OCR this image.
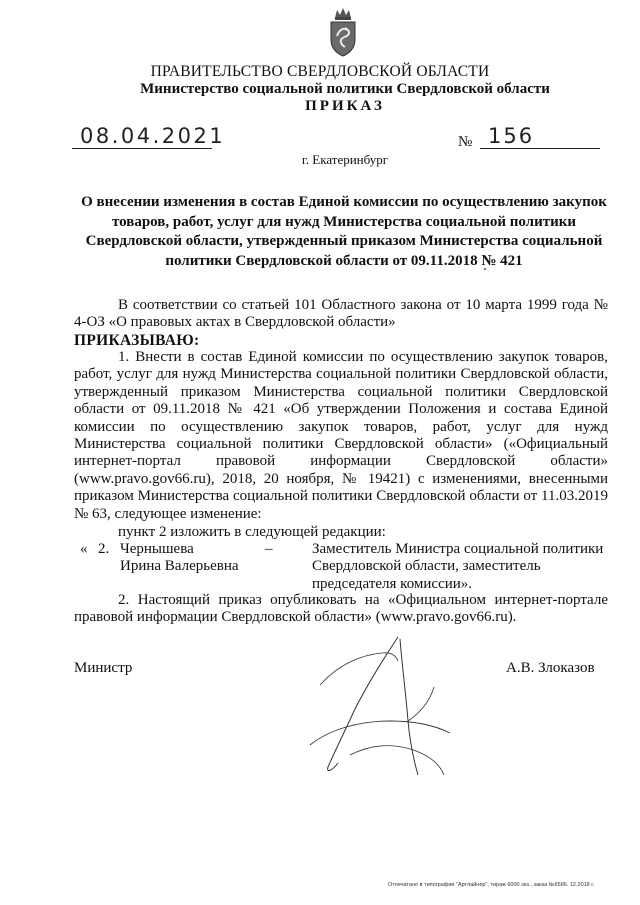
ПРАВИТЕЛЬСТВО СВЕРДЛОВСКОЙ ОБЛАСТИ
Министерство социальной политики Свердловской области
ПРИКАЗ
08.04.2021	№ 156
г. Екатеринбург
О внесении изменения в состав Единой комиссии по осуществлению закупок товаров, работ, услуг для нужд Министерства социальной политики Свердловской области, утвержденный приказом Министерства социальной политики Свердловской области от 09.11.2018 № 421
В соответствии со статьей 101 Областного закона от 10 марта 1999 года № 4-ОЗ «О правовых актах в Свердловской области»
ПРИКАЗЫВАЮ:
1. Внести в состав Единой комиссии по осуществлению закупок товаров, работ, услуг для нужд Министерства социальной политики Свердловской области, утвержденный приказом Министерства социальной политики Свердловской области от 09.11.2018 № 421 «Об утверждении Положения и состава Единой комиссии по осуществлению закупок товаров, работ, услуг для нужд Министерства социальной политики Свердловской области» («Официальный интернет-портал правовой информации Свердловской области» (www.pravo.gov66.ru), 2018, 20 ноября, № 19421) с изменениями, внесенными приказом Министерства социальной политики Свердловской области от 11.03.2019 № 63, следующее изменение:
пункт 2 изложить в следующей редакции:
« 2. Чернышева
Ирина Валерьевна
–	Заместитель Министра социальной политики Свердловской области, заместитель председателя комиссии».
2. Настоящий приказ опубликовать на «Официальном интернет-портале правовой информации Свердловской области» (www.pravo.gov66.ru).
Министр	А.В. Злоказов
Отпечатано в типографии "Артлайнер", тираж 6000 экз., заказ №6586. 12.2018 г.
